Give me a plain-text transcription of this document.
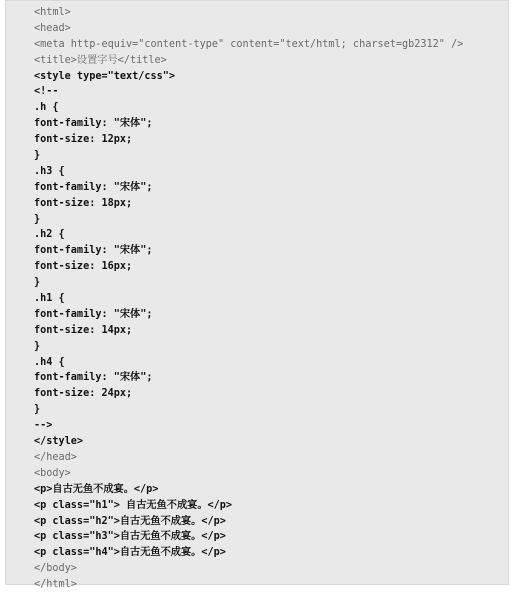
<html>
<head>
<meta http-equiv="content-type" content="text/html; charset=gb2312" />
<title>设置字号</title>
<style type="text/css">
<!--
.h {
font-family: "宋体";
font-size: 12px;
}
.h3 {
font-family: "宋体";
font-size: 18px;
}
.h2 {
font-family: "宋体";
font-size: 16px;
}
.h1 {
font-family: "宋体";
font-size: 14px;
}
.h4 {
font-family: "宋体";
font-size: 24px;
}
-->
</style>
</head>
<body>
<p>自古无鱼不成宴。</p>
<p class="h1"> 自古无鱼不成宴。</p>
<p class="h2">自古无鱼不成宴。</p>
<p class="h3">自古无鱼不成宴。</p>
<p class="h4">自古无鱼不成宴。</p>
</body>
</html>
